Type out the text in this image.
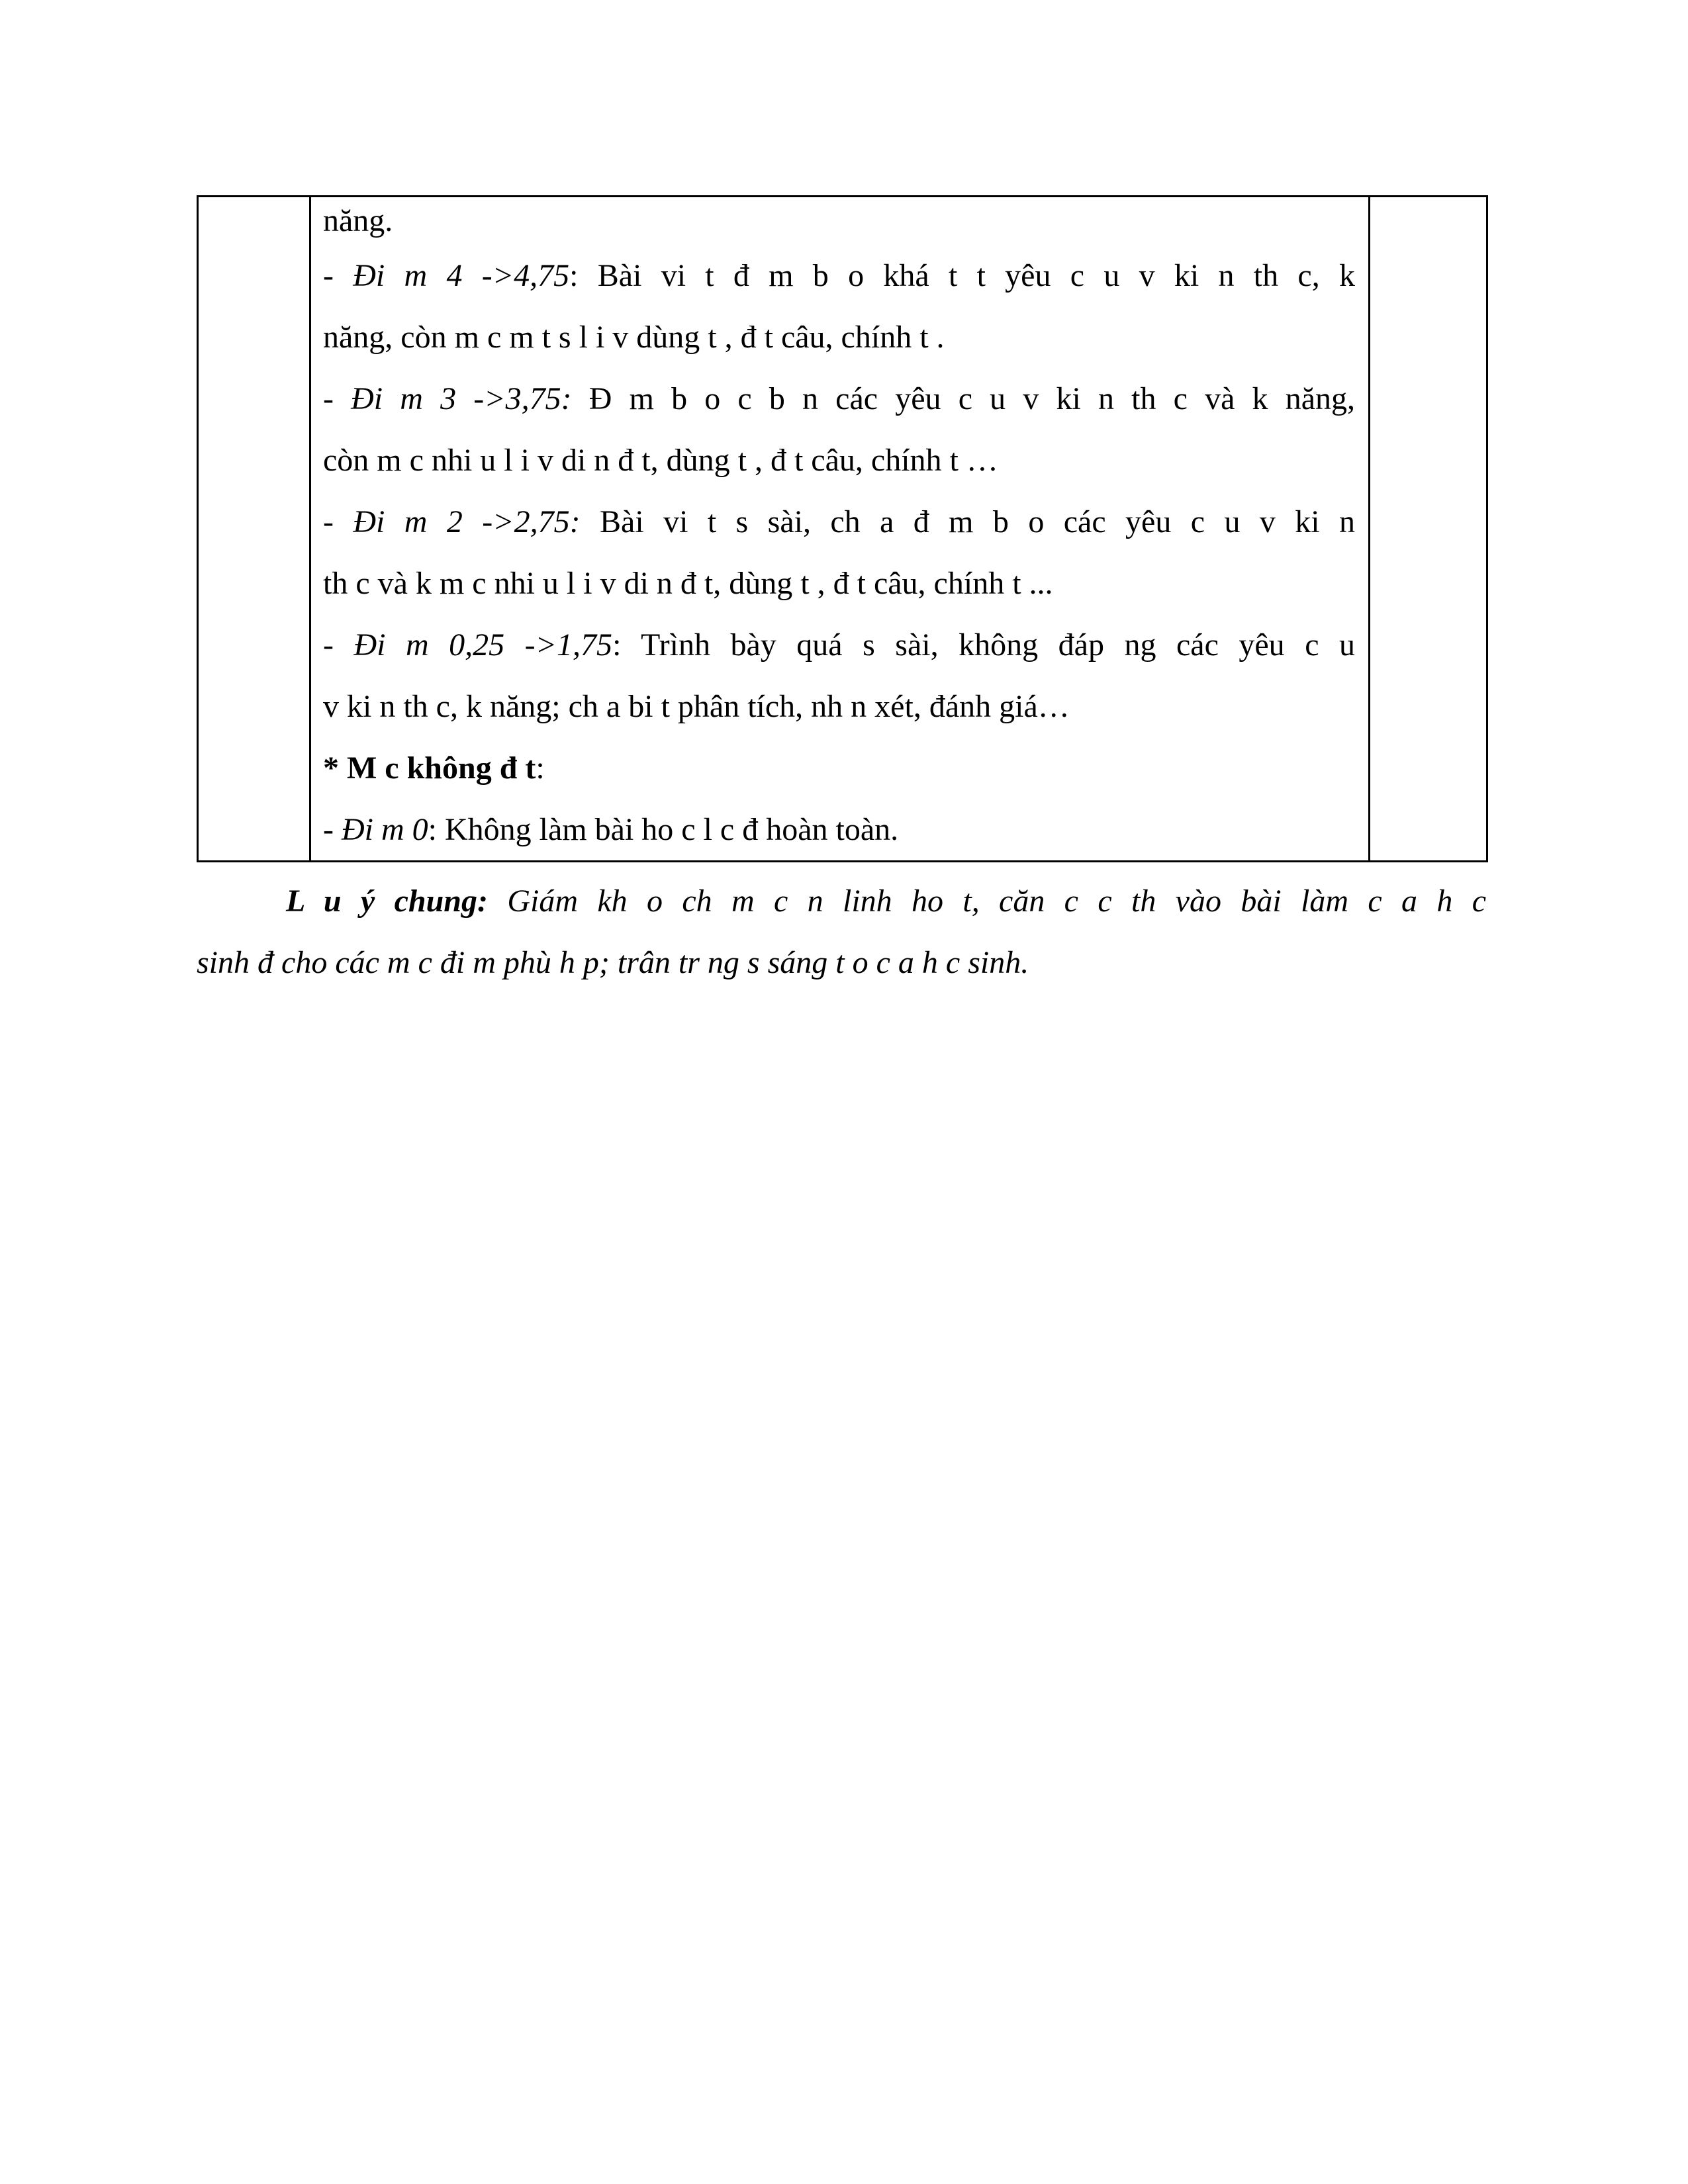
năng.
- Đi m 4 ->4,75: Bài vi t đ m b o khá t t yêu c u v ki n th c, k
năng, còn m c m t s l i v dùng t , đ t câu, chính t .
- Đi m 3 ->3,75: Đ m b o c b n các yêu c u v ki n th c và k năng,
còn m c nhi u l i v di n đ t, dùng t , đ t câu, chính t …
- Đi m 2 ->2,75: Bài vi t s sài, ch a đ m b o các yêu c u v ki n
th c và k m c nhi u l i v di n đ t, dùng t , đ t câu, chính t ...
- Đi m 0,25 ->1,75: Trình bày quá s sài, không đáp ng các yêu c u
v ki n th c, k năng; ch a bi t phân tích, nh n xét, đánh giá…
* M c không đ t:
- Đi m 0: Không làm bài ho c l c đ hoàn toàn.

L u ý chung: Giám kh o ch m c n linh ho t, căn c c th vào bài làm c a h c
sinh đ cho các m c đi m phù h p; trân tr ng s sáng t o c a h c sinh.
